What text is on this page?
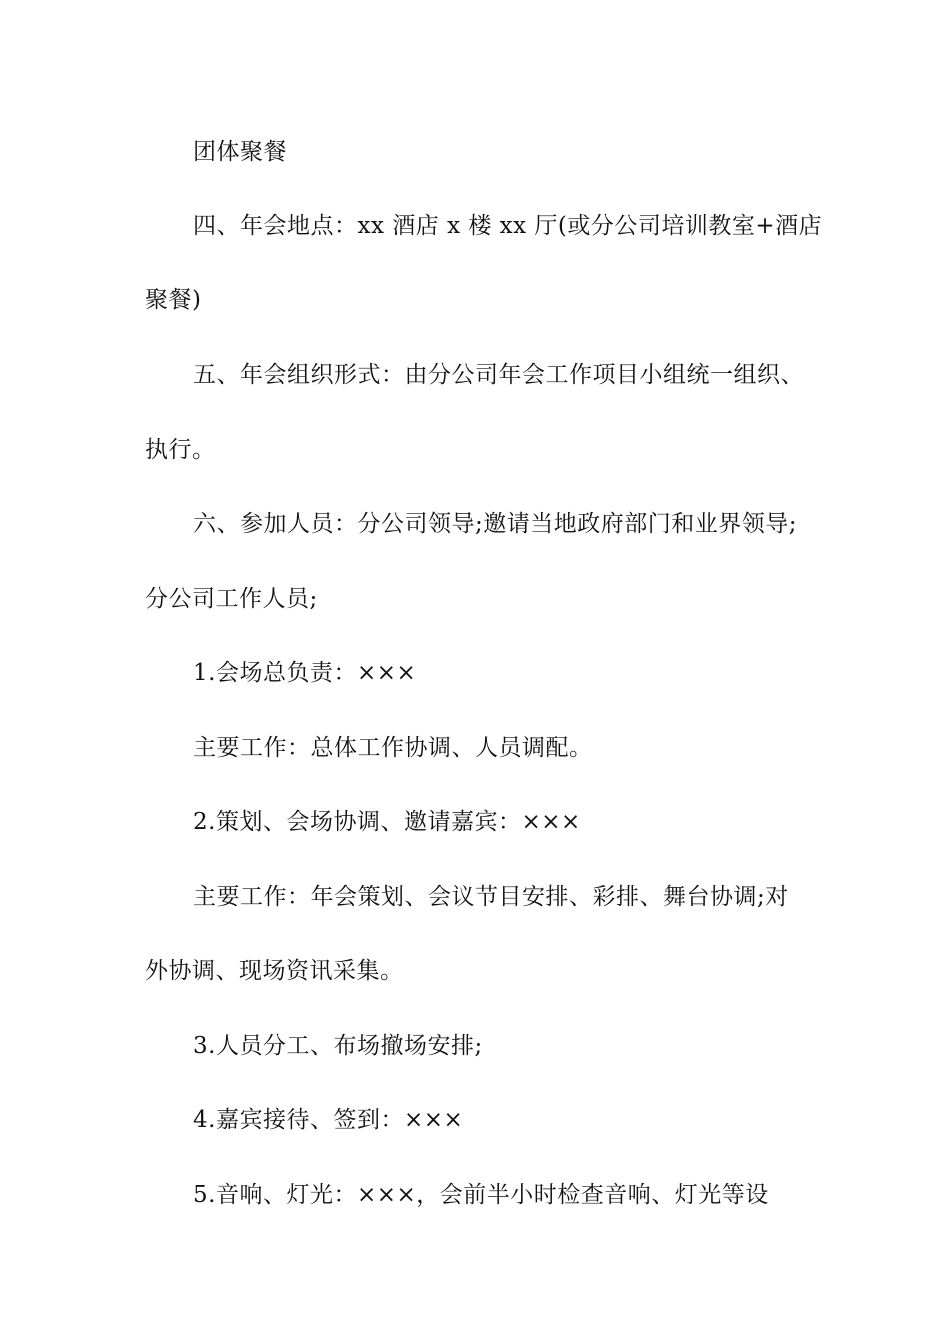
团体聚餐
四、年会地点：xx 酒店 x 楼 xx 厅(或分公司培训教室+酒店
聚餐)
五、年会组织形式：由分公司年会工作项目小组统一组织、
执行。
六、参加人员：分公司领导;邀请当地政府部门和业界领导;
分公司工作人员;
1.会场总负责：×××
主要工作：总体工作协调、人员调配。
2.策划、会场协调、邀请嘉宾：×××
主要工作：年会策划、会议节目安排、彩排、舞台协调;对
外协调、现场资讯采集。
3.人员分工、布场撤场安排;
4.嘉宾接待、签到：×××
5.音响、灯光：×××，会前半小时检查音响、灯光等设
